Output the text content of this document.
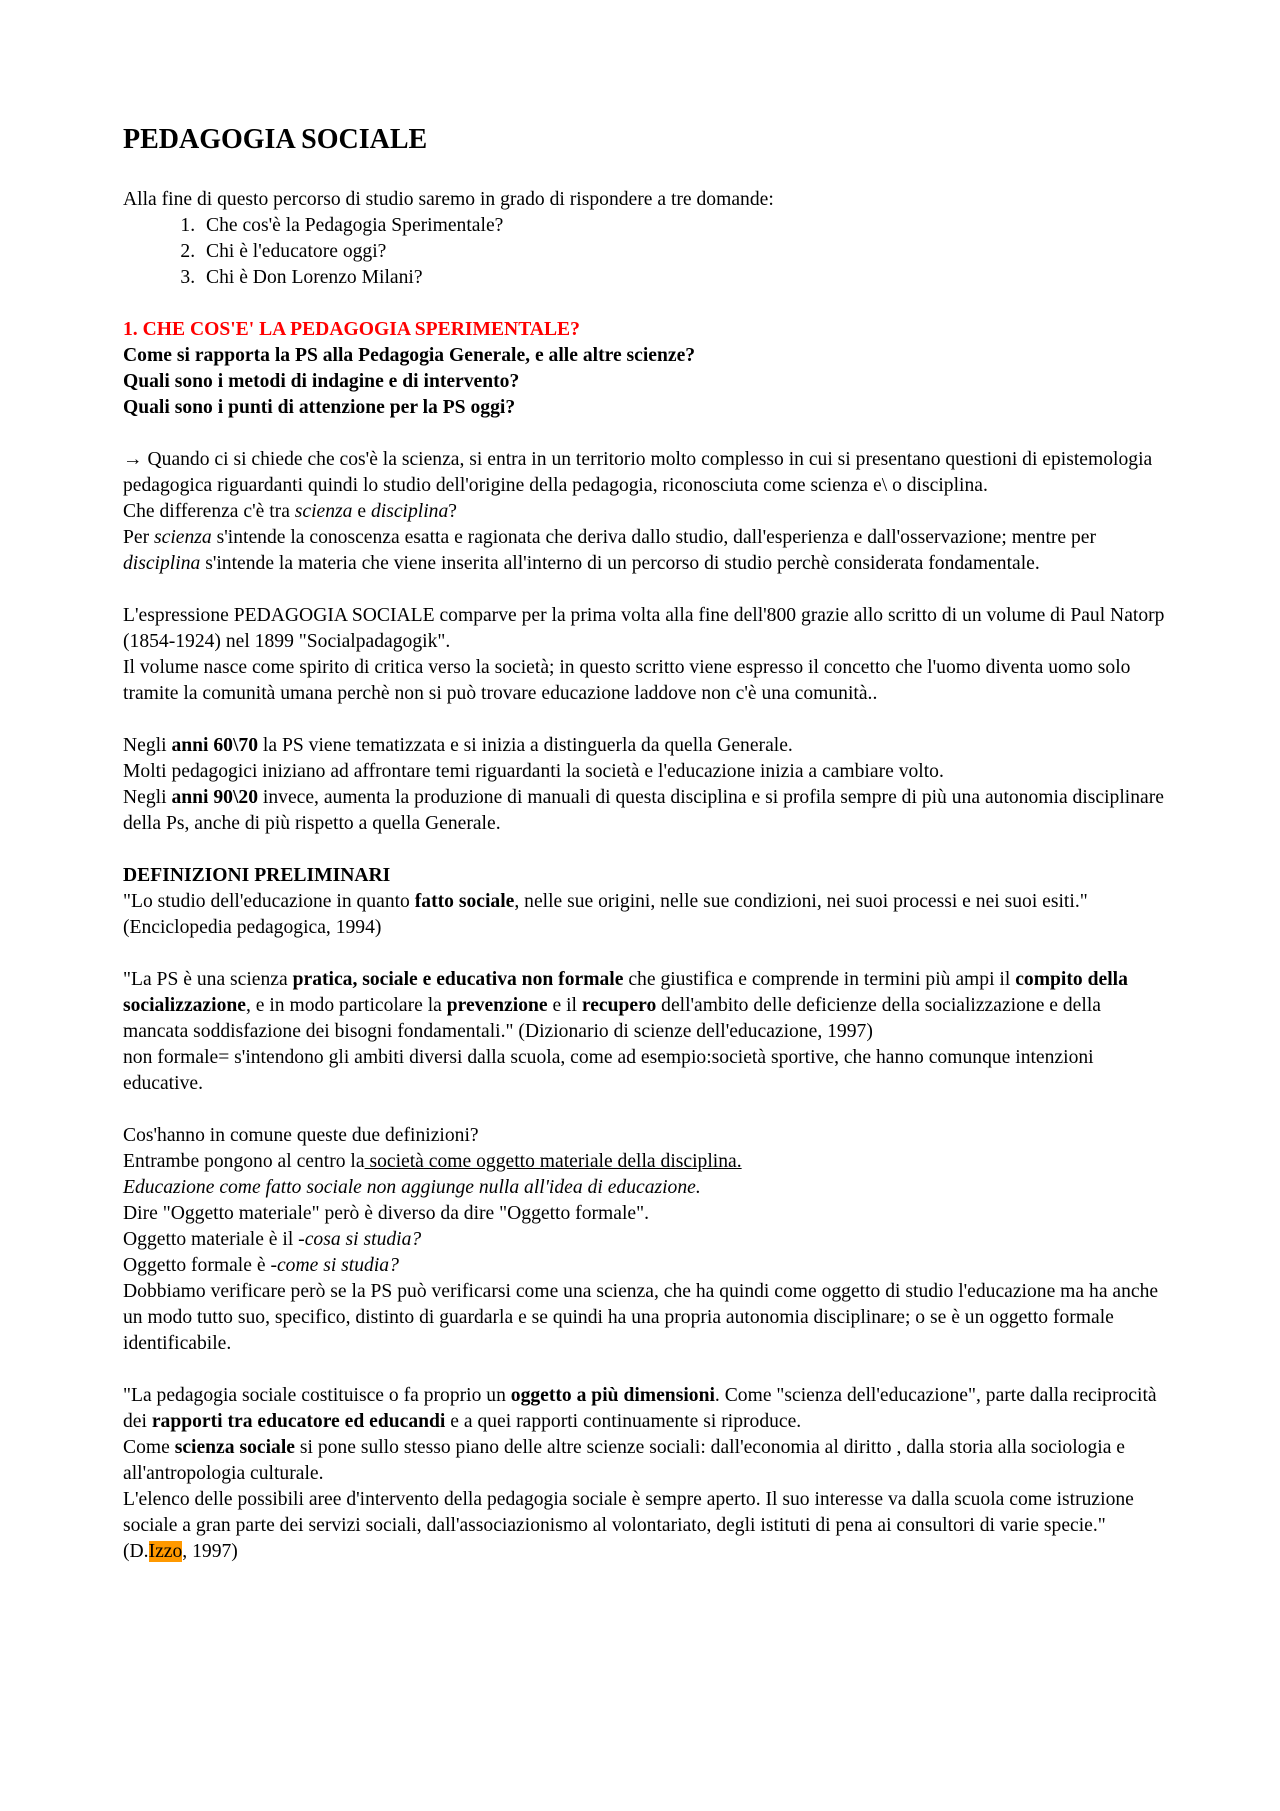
PEDAGOGIA SOCIALE

Alla fine di questo percorso di studio saremo in grado di rispondere a tre domande:

1. Che cos'è la Pedagogia Sperimentale?
2. Chi è l'educatore oggi?
3. Chi è Don Lorenzo Milani?

1. CHE COS'E' LA PEDAGOGIA SPERIMENTALE?

Come si rapporta la PS alla Pedagogia Generale, e alle altre scienze?

Quali sono i metodi di indagine e di intervento?

Quali sono i punti di attenzione per la PS oggi?

→ Quando ci si chiede che cos'è la scienza, si entra in un territorio molto complesso in cui si presentano questioni di epistemologia pedagogica riguardanti quindi lo studio dell'origine della pedagogia, riconosciuta come scienza e\ o disciplina.

Che differenza c'è tra scienza e disciplina?

Per scienza s'intende la conoscenza esatta e ragionata che deriva dallo studio, dall'esperienza e dall'osservazione; mentre per disciplina s'intende la materia che viene inserita all'interno di un percorso di studio perchè considerata fondamentale.

L'espressione PEDAGOGIA SOCIALE comparve per la prima volta alla fine dell'800 grazie allo scritto di un volume di Paul Natorp (1854-1924) nel 1899 "Socialpadagogik".

Il volume nasce come spirito di critica verso la società; in questo scritto viene espresso il concetto che l'uomo diventa uomo solo tramite la comunità umana perchè non si può trovare educazione laddove non c'è una comunità..

Negli anni 60\70 la PS viene tematizzata e si inizia a distinguerla da quella Generale.

Molti pedagogici iniziano ad affrontare temi riguardanti la società e l'educazione inizia a cambiare volto.

Negli anni 90\20 invece, aumenta la produzione di manuali di questa disciplina e si profila sempre di più una autonomia disciplinare della Ps, anche di più rispetto a quella Generale.

DEFINIZIONI PRELIMINARI

"Lo studio dell'educazione in quanto fatto sociale, nelle sue origini, nelle sue condizioni, nei suoi processi e nei suoi esiti." (Enciclopedia pedagogica, 1994)

"La PS è una scienza pratica, sociale e educativa non formale che giustifica e comprende in termini più ampi il compito della socializzazione, e in modo particolare la prevenzione e il recupero dell'ambito delle deficienze della socializzazione e della mancata soddisfazione dei bisogni fondamentali." (Dizionario di scienze dell'educazione, 1997)

non formale= s'intendono gli ambiti diversi dalla scuola, come ad esempio:società sportive, che hanno comunque intenzioni educative.

Cos'hanno in comune queste due definizioni?

Entrambe pongono al centro la società come oggetto materiale della disciplina.

Educazione come fatto sociale non aggiunge nulla all'idea di educazione.

Dire "Oggetto materiale" però è diverso da dire "Oggetto formale".

Oggetto materiale è il -cosa si studia?

Oggetto formale è -come si studia?

Dobbiamo verificare però se la PS può verificarsi come una scienza, che ha quindi come oggetto di studio l'educazione ma ha anche un modo tutto suo, specifico, distinto di guardarla e se quindi ha una propria autonomia disciplinare; o se è un oggetto formale identificabile.

"La pedagogia sociale costituisce o fa proprio un oggetto a più dimensioni. Come "scienza dell'educazione", parte dalla reciprocità dei rapporti tra educatore ed educandi e a quei rapporti continuamente si riproduce.

Come scienza sociale si pone sullo stesso piano delle altre scienze sociali: dall'economia al diritto , dalla storia alla sociologia e all'antropologia culturale.

L'elenco delle possibili aree d'intervento della pedagogia sociale è sempre aperto. Il suo interesse va dalla scuola come istruzione sociale a gran parte dei servizi sociali, dall'associazionismo al volontariato, degli istituti di pena ai consultori di varie specie." (D.Izzo, 1997)
